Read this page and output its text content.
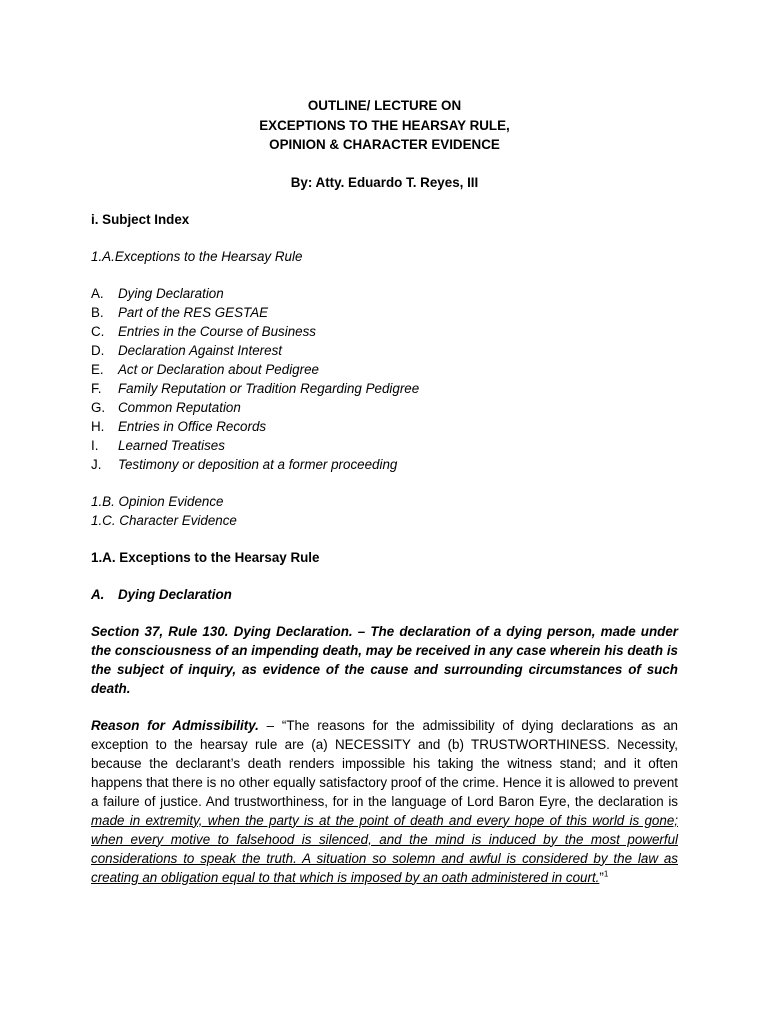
OUTLINE/ LECTURE ON
EXCEPTIONS TO THE HEARSAY RULE,
OPINION & CHARACTER EVIDENCE
By: Atty. Eduardo T. Reyes, III
i. Subject Index
1.A.Exceptions to the Hearsay Rule
A.	Dying Declaration
B.	Part of the RES GESTAE
C.	Entries in the Course of Business
D.	Declaration Against Interest
E.	Act or Declaration about Pedigree
F.	Family Reputation or Tradition Regarding Pedigree
G. Common Reputation
H.	Entries in Office Records
I.	Learned Treatises
J.	Testimony or deposition at a former proceeding
1.B. Opinion Evidence
1.C. Character Evidence
1.A. Exceptions to the Hearsay Rule
A. Dying Declaration
Section 37, Rule 130. Dying Declaration. – The declaration of a dying person, made under the consciousness of an impending death, may be received in any case wherein his death is the subject of inquiry, as evidence of the cause and surrounding circumstances of such death.
Reason for Admissibility. – “The reasons for the admissibility of dying declarations as an exception to the hearsay rule are (a) NECESSITY and (b) TRUSTWORTHINESS. Necessity, because the declarant’s death renders impossible his taking the witness stand; and it often happens that there is no other equally satisfactory proof of the crime. Hence it is allowed to prevent a failure of justice. And trustworthiness, for in the language of Lord Baron Eyre, the declaration is made in extremity, when the party is at the point of death and every hope of this world is gone; when every motive to falsehood is silenced, and the mind is induced by the most powerful considerations to speak the truth. A situation so solemn and awful is considered by the law as creating an obligation equal to that which is imposed by an oath administered in court.”$^1$
